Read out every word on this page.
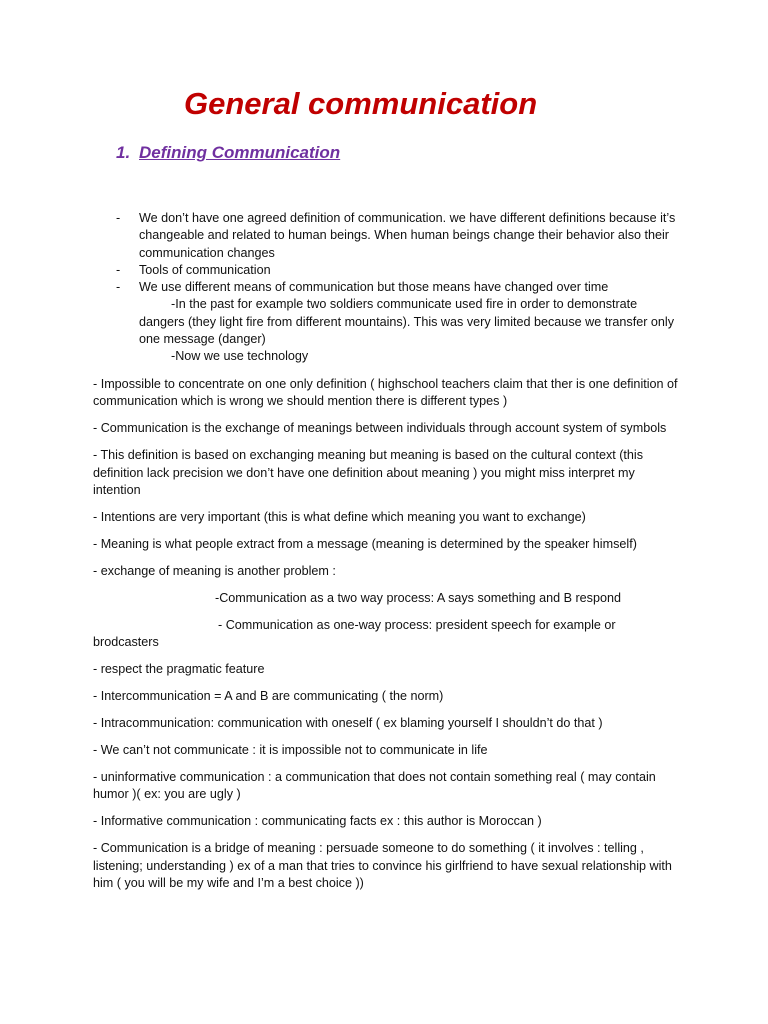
General communication
1. Defining Communication
- We don’t have one agreed definition of communication. we have different definitions because it’s changeable and related to human beings. When human beings change their behavior also their communication changes
- Tools of communication
- We use different means of communication but those means have changed over time
-In the past for example two soldiers communicate used fire in order to demonstrate dangers (they light fire from different mountains). This was very limited because we transfer only one message (danger)
-Now we use technology

- Impossible to concentrate on one only definition ( highschool teachers claim that ther is one definition of communication which is wrong we should mention there is different types )

- Communication is the exchange of meanings between individuals through account system of symbols

- This definition is based on exchanging meaning but meaning is based on the cultural context (this definition lack precision we don’t have one definition about meaning ) you might miss interpret my intention

- Intentions are very important (this is what define which meaning you want to exchange)

- Meaning is what people extract from a message (meaning is determined by the speaker himself)

- exchange of meaning is another problem :

-Communication as a two way process: A says something and B respond

- Communication as one-way process: president speech for example or brodcasters

- respect the pragmatic feature

- Intercommunication = A and B are communicating ( the norm)

- Intracommunication: communication with oneself ( ex blaming yourself I shouldn’t do that )

- We can’t not communicate : it is impossible not to communicate in life

- uninformative communication : a communication that does not contain something real ( may contain humor )( ex: you are ugly )

- Informative communication : communicating facts ex : this author is Moroccan )

- Communication is a bridge of meaning : persuade someone to do something ( it involves : telling , listening; understanding ) ex of a man that tries to convince his girlfriend to have sexual relationship with him ( you will be my wife and I’m a best choice ))
